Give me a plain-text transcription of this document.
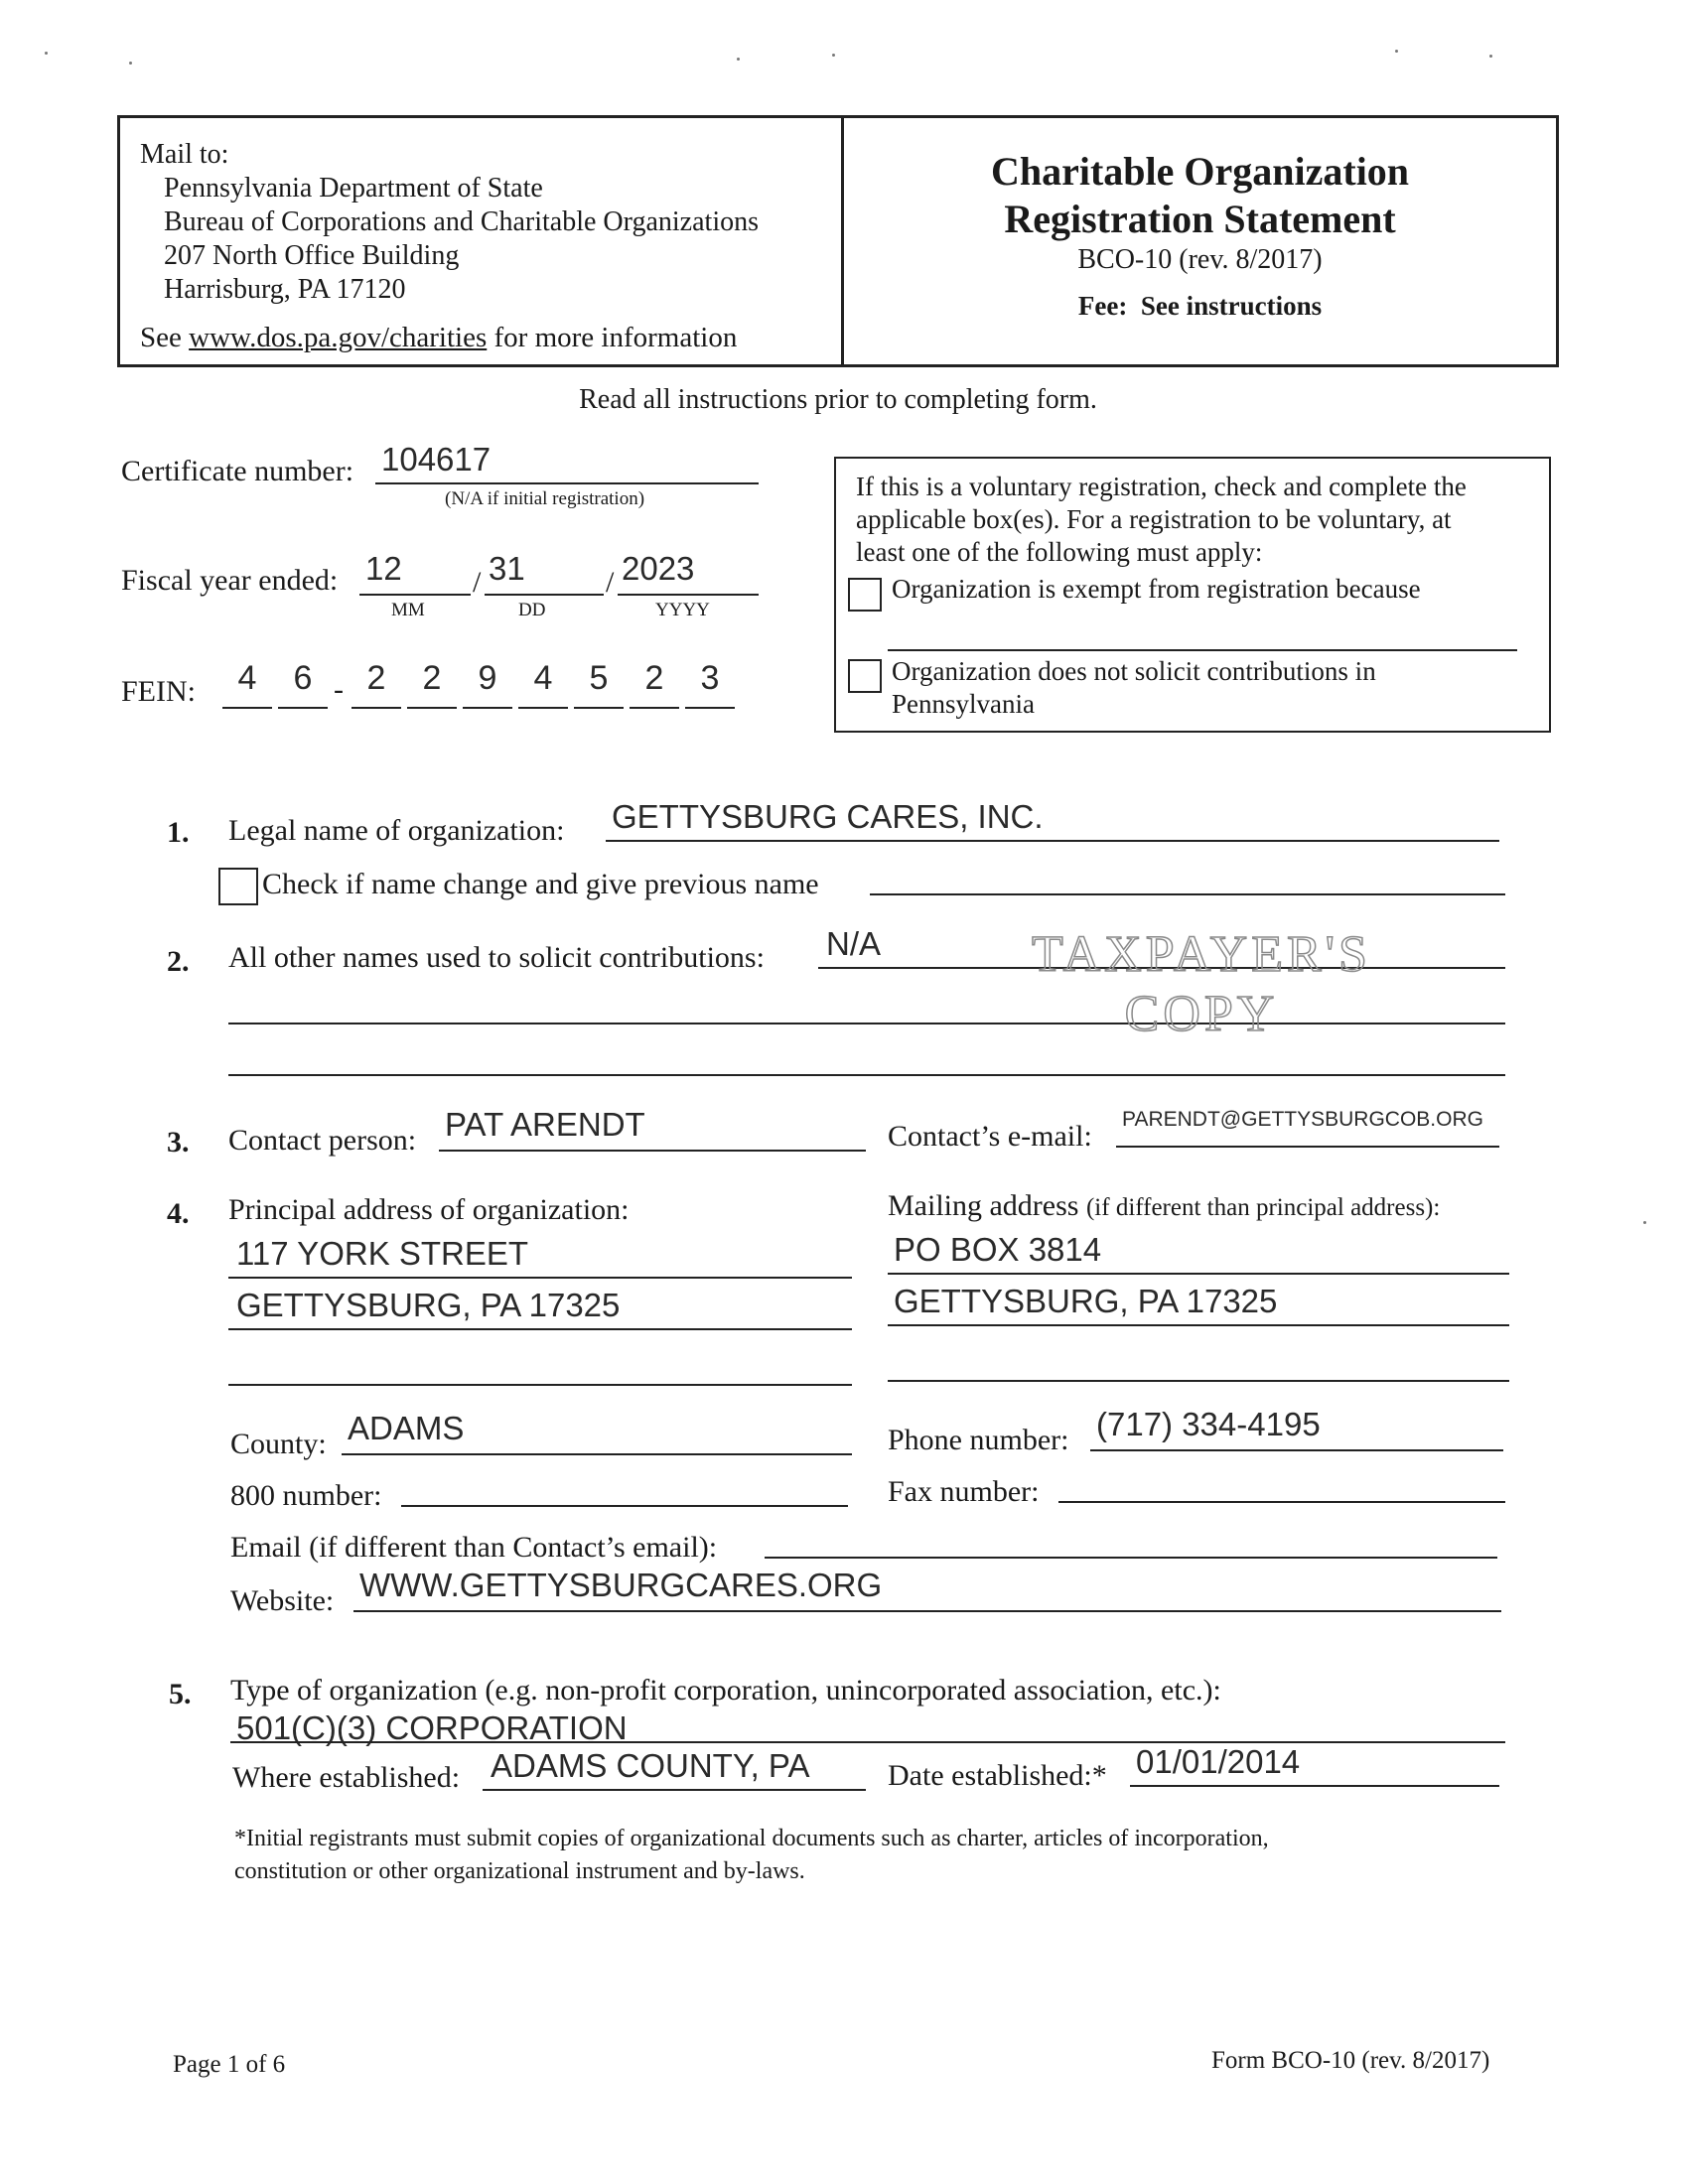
Mail to:
Pennsylvania Department of State
Bureau of Corporations and Charitable Organizations
207 North Office Building
Harrisburg, PA 17120
See www.dos.pa.gov/charities for more information
Charitable Organization
Registration Statement
BCO-10 (rev. 8/2017)
Fee: See instructions
Read all instructions prior to completing form.
Certificate number: 104617
(N/A if initial registration)
Fiscal year ended: 12 / 31	/ 2023
MM	DD	YYYY
FEIN:	4	6 - 2	2	9	4	5	2	3
If this is a voluntary registration, check and complete the
applicable box(es). For a registration to be voluntary, at
least one of the following must apply:
Organization is exempt from registration because
Organization does not solicit contributions in
Pennsylvania
1. Legal name of organization: GETTYSBURG CARES, INC.
Check if name change and give previous name
2. All other names used to solicit contributions: N/A	TAXPAYER'S
COPY
3. Contact person: PAT ARENDT	Contact’s e-mail:
PARENDT@GETTYSBURGCOB.ORG
4. Principal address of organization:
117 YORK STREET
GETTYSBURG, PA 17325
Mailing address (if different than principal address):
PO BOX 3814
GETTYSBURG, PA 17325
County: ADAMS	Phone number: (717) 334-4195
800 number:	Fax number:
Email (if different than Contact’s email):
Website: WWW.GETTYSBURGCARES.ORG
5. Type of organization (e.g. non-profit corporation, unincorporated association, etc.):
501(C)(3) CORPORATION
Where established: ADAMS COUNTY, PA	Date established:* 01/01/2014
*Initial registrants must submit copies of organizational documents such as charter, articles of incorporation,
constitution or other organizational instrument and by-laws.
Page 1 of 6	Form BCO-10 (rev. 8/2017)
